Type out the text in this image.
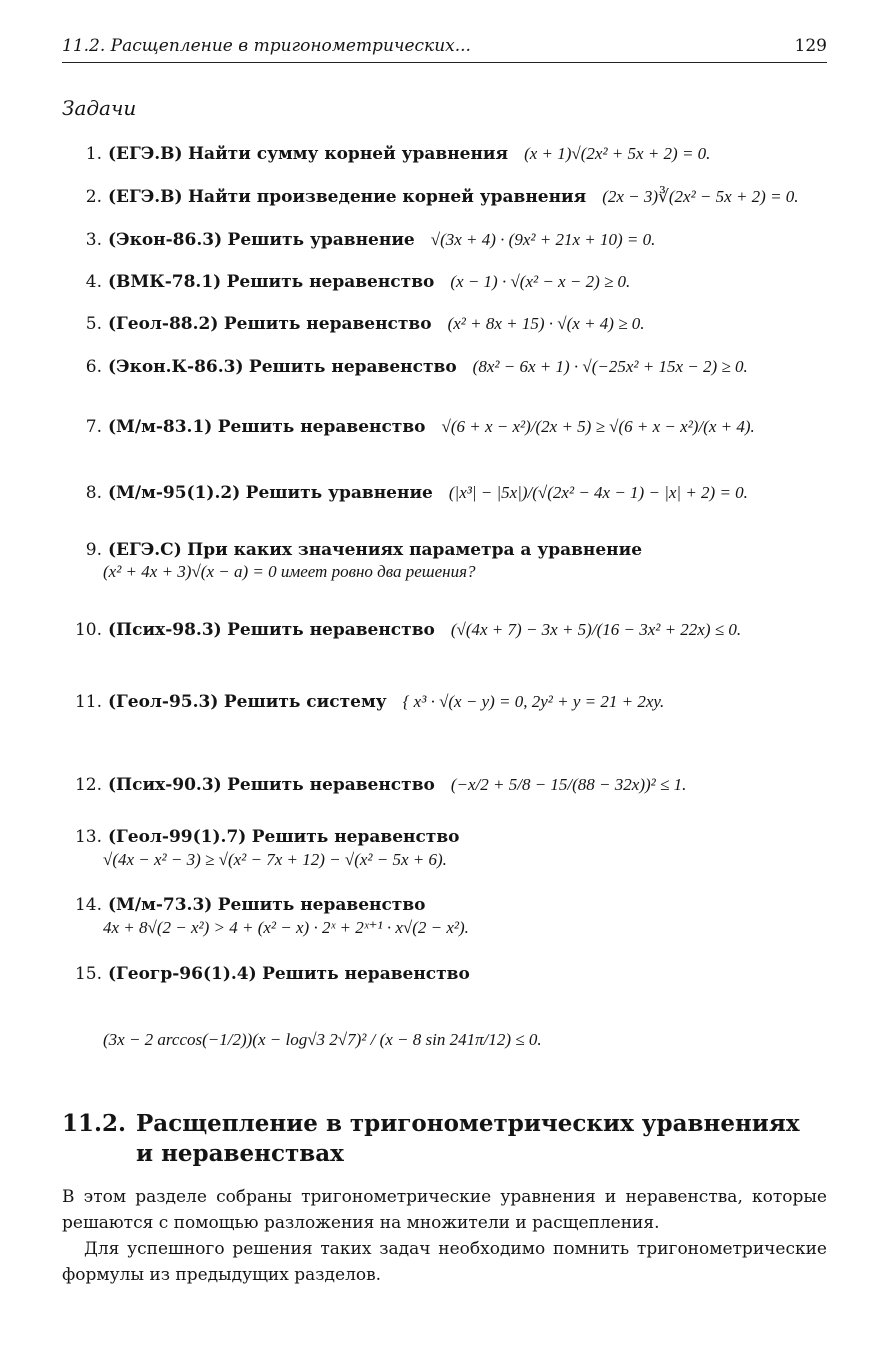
11.2. Расщепление в тригонометрических...	129
Задачи
1. (ЕГЭ.В) Найти сумму корней уравнения (x + 1)√(2x² + 5x + 2) = 0.
2. (ЕГЭ.В) Найти произведение корней уравнения (2x − 3)∛(2x² − 5x + 2) = 0.
3. (Экон-86.3) Решить уравнение √(3x + 4) · (9x² + 21x + 10) = 0.
4. (ВМК-78.1) Решить неравенство (x − 1) · √(x² − x − 2) ≥ 0.
5. (Геол-88.2) Решить неравенство (x² + 8x + 15) · √(x + 4) ≥ 0.
6. (Экон.К-86.3) Решить неравенство (8x² − 6x + 1) · √(−25x² + 15x − 2) ≥ 0.
7. (М/м-83.1) Решить неравенство √(6 + x − x²)/(2x + 5) ≥ √(6 + x − x²)/(x + 4).
8. (М/м-95(1).2) Решить уравнение (|x³| − |5x|)/(√(2x² − 4x − 1) − |x| + 2) = 0.
9. (ЕГЭ.С) При каких значениях параметра a уравнение
(x² + 4x + 3)√(x − a) = 0 имеет ровно два решения?
10. (Псих-98.3) Решить неравенство (√(4x + 7) − 3x + 5)/(16 − 3x² + 22x) ≤ 0.
11. (Геол-95.3) Решить систему { x³ · √(x − y) = 0, 2y² + y = 21 + 2xy.
12. (Псих-90.3) Решить неравенство (−x/2 + 5/8 − 15/(88 − 32x))² ≤ 1.
13. (Геол-99(1).7) Решить неравенство
√(4x − x² − 3) ≥ √(x² − 7x + 12) − √(x² − 5x + 6).
14. (М/м-73.3) Решить неравенство
4x + 8√(2 − x²) > 4 + (x² − x) · 2ˣ + 2ˣ⁺¹ · x√(2 − x²).
15. (Геогр-96(1).4) Решить неравенство
(3x − 2 arccos(−1/2))(x − log√3 2√7)² / (x − 8 sin 241π/12) ≤ 0.
11.2. Расщепление в тригонометрических уравнениях
и неравенствах
В этом разделе собраны тригонометрические уравнения и неравенства, которые решаются с помощью разложения на множители и расщепления.
Для успешного решения таких задач необходимо помнить тригонометрические формулы из предыдущих разделов.
